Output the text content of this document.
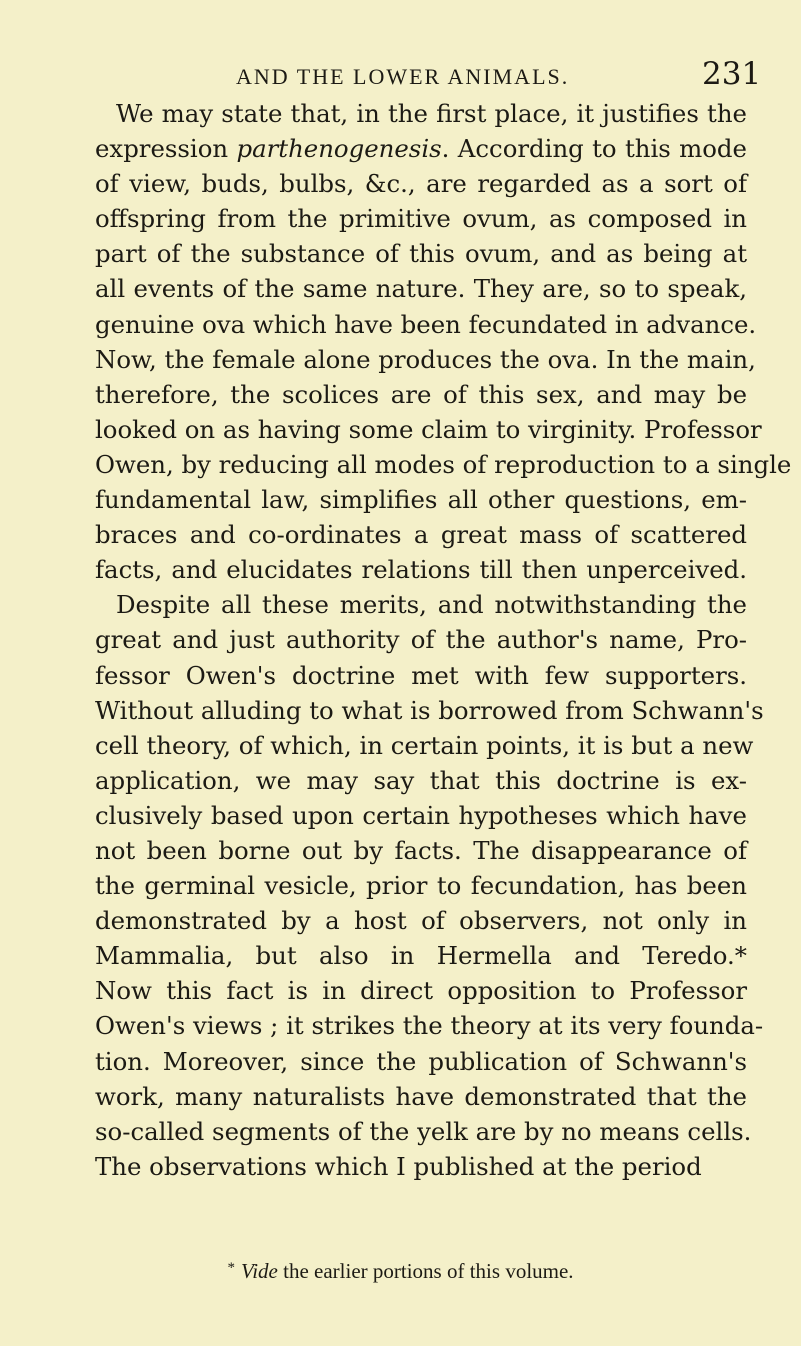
AND THE LOWER ANIMALS.	231
We may state that, in the first place, it justifies the
expression parthenogenesis. According to this mode
of view, buds, bulbs, &c., are regarded as a sort of
offspring from the primitive ovum, as composed in
part of the substance of this ovum, and as being at
all events of the same nature. They are, so to speak,
genuine ova which have been fecundated in advance.
Now, the female alone produces the ova. In the main,
therefore, the scolices are of this sex, and may be
looked on as having some claim to virginity. Professor
Owen, by reducing all modes of reproduction to a single
fundamental law, simplifies all other questions, em-
braces and co-ordinates a great mass of scattered
facts, and elucidates relations till then unperceived.
Despite all these merits, and notwithstanding the
great and just authority of the author's name, Pro-
fessor Owen's doctrine met with few supporters.
Without alluding to what is borrowed from Schwann's
cell theory, of which, in certain points, it is but a new
application, we may say that this doctrine is ex-
clusively based upon certain hypotheses which have
not been borne out by facts. The disappearance of
the germinal vesicle, prior to fecundation, has been
demonstrated by a host of observers, not only in
Mammalia, but also in Hermella and Teredo.*
Now this fact is in direct opposition to Professor
Owen's views ; it strikes the theory at its very founda-
tion. Moreover, since the publication of Schwann's
work, many naturalists have demonstrated that the
so-called segments of the yelk are by no means cells.
The observations which I published at the period
* Vide the earlier portions of this volume.
